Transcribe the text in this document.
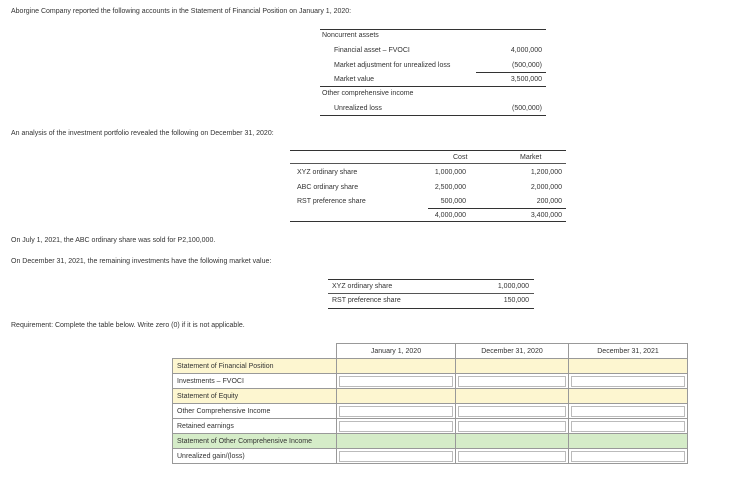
Aborgine Company reported the following accounts in the Statement of Financial Position on January 1, 2020:
Noncurrent assets
Financial asset – FVOCI	4,000,000
Market adjustment for unrealized loss	(500,000)
Market value	3,500,000
Other comprehensive income
Unrealized loss	(500,000)
An analysis of the investment portfolio revealed the following on December 31, 2020:
Cost	Market
XYZ ordinary share	1,000,000	1,200,000
ABC ordinary share	2,500,000	2,000,000
RST preference share	500,000	200,000
4,000,000	3,400,000
On July 1, 2021, the ABC ordinary share was sold for P2,100,000.
On December 31, 2021, the remaining investments have the following market value:
XYZ ordinary share	1,000,000
RST preference share	150,000
Requirement: Complete the table below. Write zero (0) if it is not applicable.
	January 1, 2020	December 31, 2020	December 31, 2021
Statement of Financial Position			
Investments – FVOCI	

Statement of Equity			
Other Comprehensive Income	

Retained earnings	

Statement of Other Comprehensive Income			
Unrealized gain/(loss)	
